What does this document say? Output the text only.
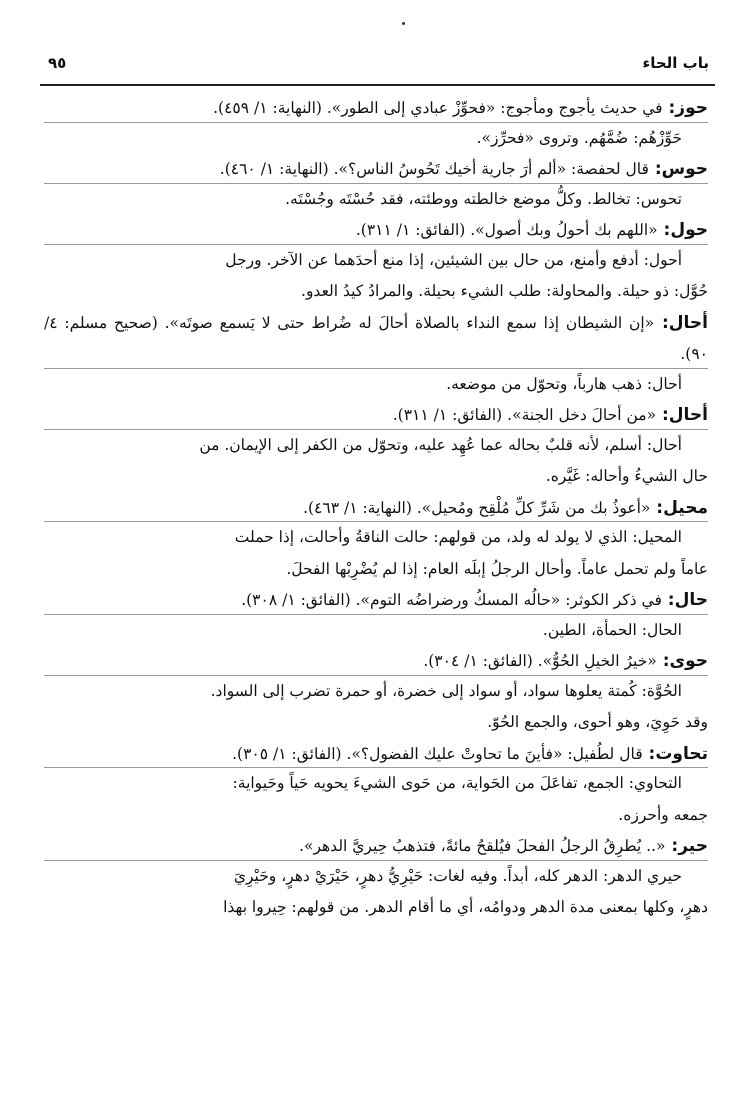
باب الحاء
٩٥
حوز: في حديث يأجوج ومأجوج: «فحوِّزْ عبادي إلى الطور». (النهاية: ١/ ٤٥٩).

حَوِّزْهُم: ضُمَّهُم. وتروى «فحرِّز».

حوس: قال لحفصة: «ألم أرَ جارية أخيك تَحُوسُ الناس؟». (النهاية: ١/ ٤٦٠).

تحوس: تخالط. وكلُّ موضع خالطته ووطئته، فقد حُسْتَه وجُسْتَه.

حول: «اللهم بك أحولُ وبك أصول». (الفائق: ١/ ٣١١).

أحول: أدفع وأمنع، من حال بين الشيئين، إذا منع أحدَهما عن الآخر. ورجل

حُوَّل: ذو حيلة. والمحاولة: طلب الشيء بحيلة. والمرادُ كيدُ العدو.

أحال: «إن الشيطان إذا سمع النداء بالصلاة أحالَ له ضُراط حتى لا يَسمع صوتَه». (صحيح مسلم: ٤/ ٩٠).

أحال: ذهب هارباً، وتحوّل من موضعه.

أحال: «من أحالَ دخل الجنة». (الفائق: ١/ ٣١١).

أحال: أسلم، لأنه قلبٌ بحاله عما عُهِد عليه، وتحوّل من الكفر إلى الإيمان. من

حال الشيءُ وأحاله: غَيَّره.

محيل: «أعوذُ بك من شَرِّ كلِّ مُلْقِح ومُحيل». (النهاية: ١/ ٤٦٣).

المحيل: الذي لا يولد له ولد، من قولهم: حالت الناقةُ وأحالت، إذا حملت

عاماً ولم تحمل عاماً. وأحال الرجلُ إبلَه العام: إذا لم يُضْرِبْها الفحلَ.

حال: في ذكر الكوثر: «حالُه المسكُ ورضراضُه التوم». (الفائق: ١/ ٣٠٨).

الحال: الحمأة، الطين.

حوى: «خيرُ الخيلِ الحُوُّ». (الفائق: ١/ ٣٠٤).

الحُوَّة: كُمتة يعلوها سواد، أو سواد إلى خضرة، أو حمرة تضرب إلى السواد.

وقد حَوِيَ، وهو أحوى، والجمع الحُوّ.

تحاوت: قال لطُفيل: «فأينَ ما تحاوتْ عليك الفضول؟». (الفائق: ١/ ٣٠٥).

التحاوي: الجمع، تفاعَلَ من الحَواية، من حَوى الشيءَ يحويه حَياً وحَيواية:

جمعه وأحرزه.

حير: «.. يُطرِقُ الرجلُ الفحلَ فيُلقحُ مائةً، فتذهبُ حِيريَّ الدهر».

حيري الدهر: الدهر كله، أبداً. وفيه لغات: حَيْرِيُّ دهرٍ، حَيْرَيْ دهرٍ، وحَيْرِيَ

دهرٍ، وكلها بمعنى مدة الدهر ودوامُه، أي ما أقام الدهر. من قولهم: حِيروا بهذا
